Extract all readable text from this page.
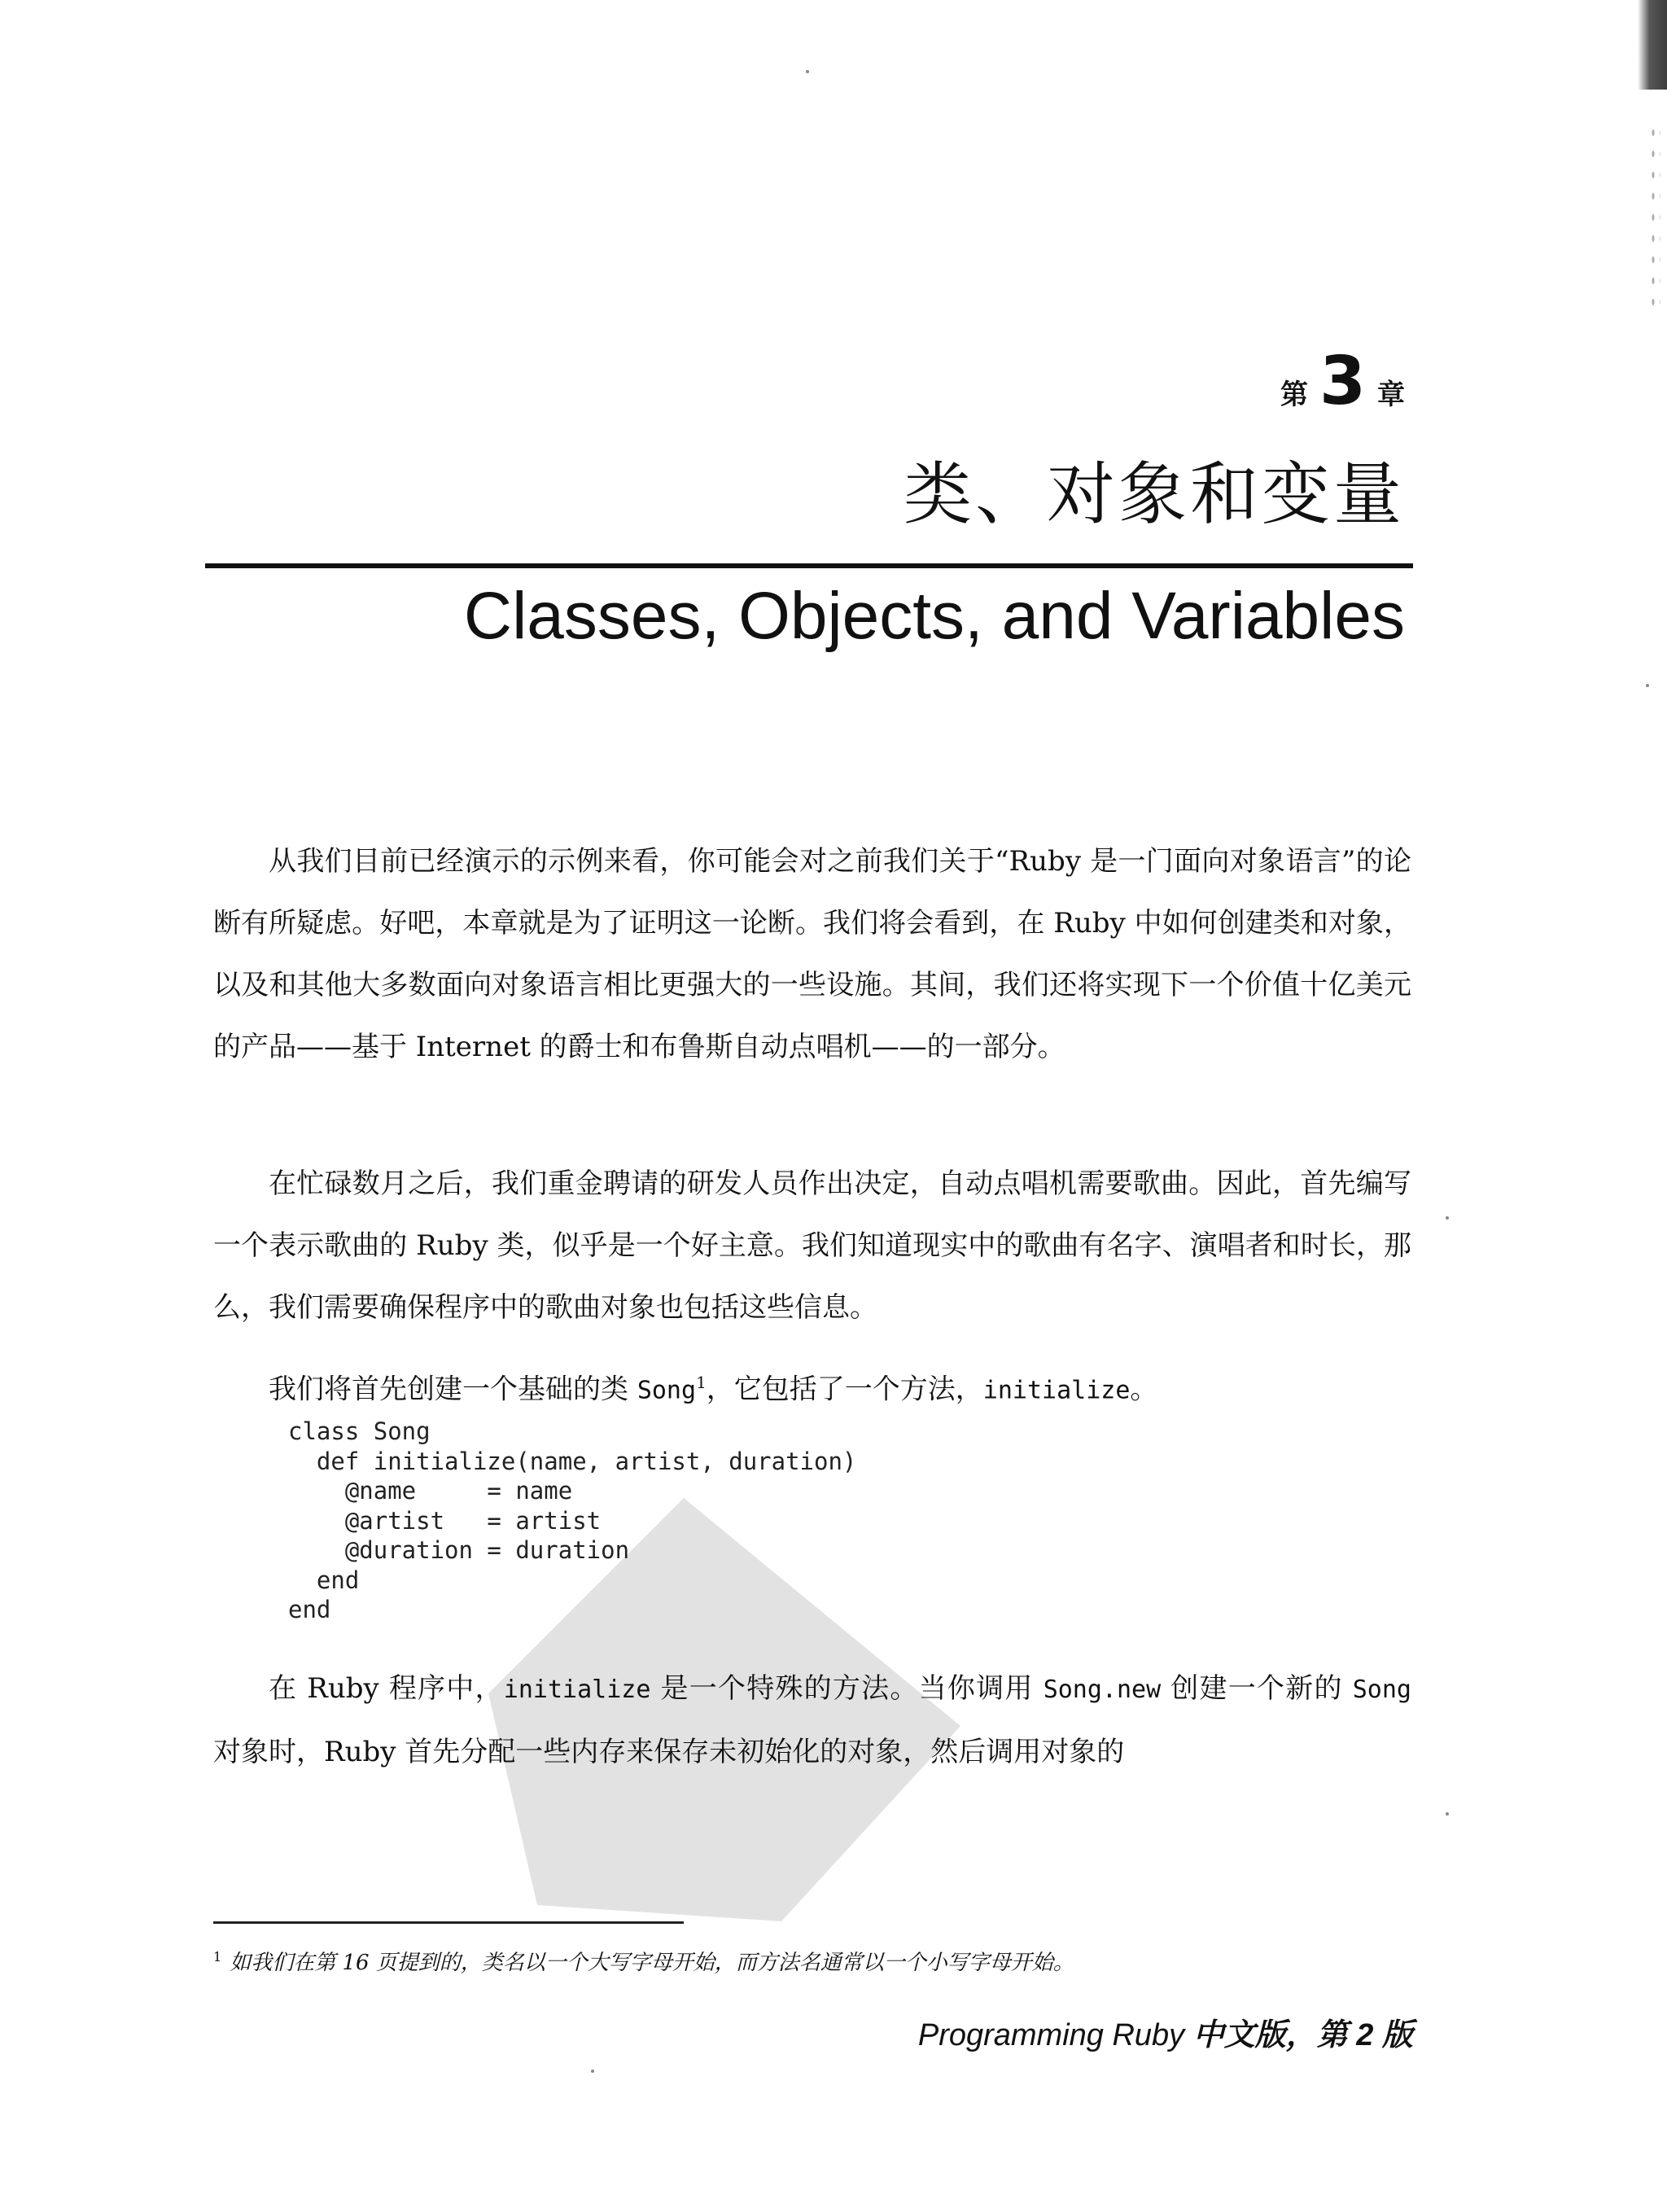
第 3 章
类、对象和变量
Classes, Objects, and Variables

从我们目前已经演示的示例来看，你可能会对之前我们关于“Ruby 是一门面向对象语言”的论断有所疑虑。好吧，本章就是为了证明这一论断。我们将会看到，在 Ruby 中如何创建类和对象，以及和其他大多数面向对象语言相比更强大的一些设施。其间，我们还将实现下一个价值十亿美元的产品——基于 Internet 的爵士和布鲁斯自动点唱机——的一部分。

在忙碌数月之后，我们重金聘请的研发人员作出决定，自动点唱机需要歌曲。因此，首先编写一个表示歌曲的 Ruby 类，似乎是一个好主意。我们知道现实中的歌曲有名字、演唱者和时长，那么，我们需要确保程序中的歌曲对象也包括这些信息。

我们将首先创建一个基础的类 Song$^1$，它包括了一个方法，initialize。

class Song
def initialize(name, artist, duration)
@name     = name
@artist   = artist
@duration = duration
end
end

在 Ruby 程序中，initialize 是一个特殊的方法。当你调用 Song.new 创建一个新的 Song 对象时，Ruby 首先分配一些内存来保存未初始化的对象，然后调用对象的

$^1$ 如我们在第 16 页提到的，类名以一个大写字母开始，而方法名通常以一个小写字母开始。
Programming Ruby 中文版，第 2 版
